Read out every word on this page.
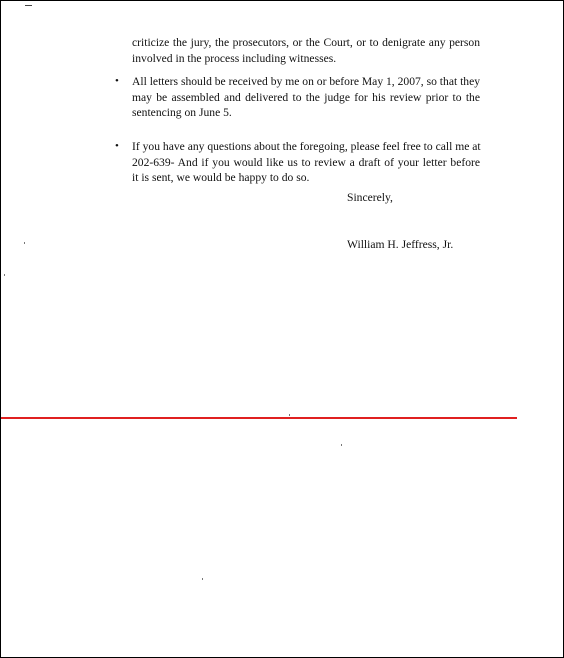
criticize the jury, the prosecutors, or the Court, or to denigrate any person
involved in the process including witnesses.

• All letters should be received by me on or before May 1, 2007, so that they
may be assembled and delivered to the judge for his review prior to the
sentencing on June 5.

• If you have any questions about the foregoing, please feel free to call me at
202-639- And if you would like us to review a draft of your letter before
it is sent, we would be happy to do so.

Sincerely,
William H. Jeffress, Jr.
